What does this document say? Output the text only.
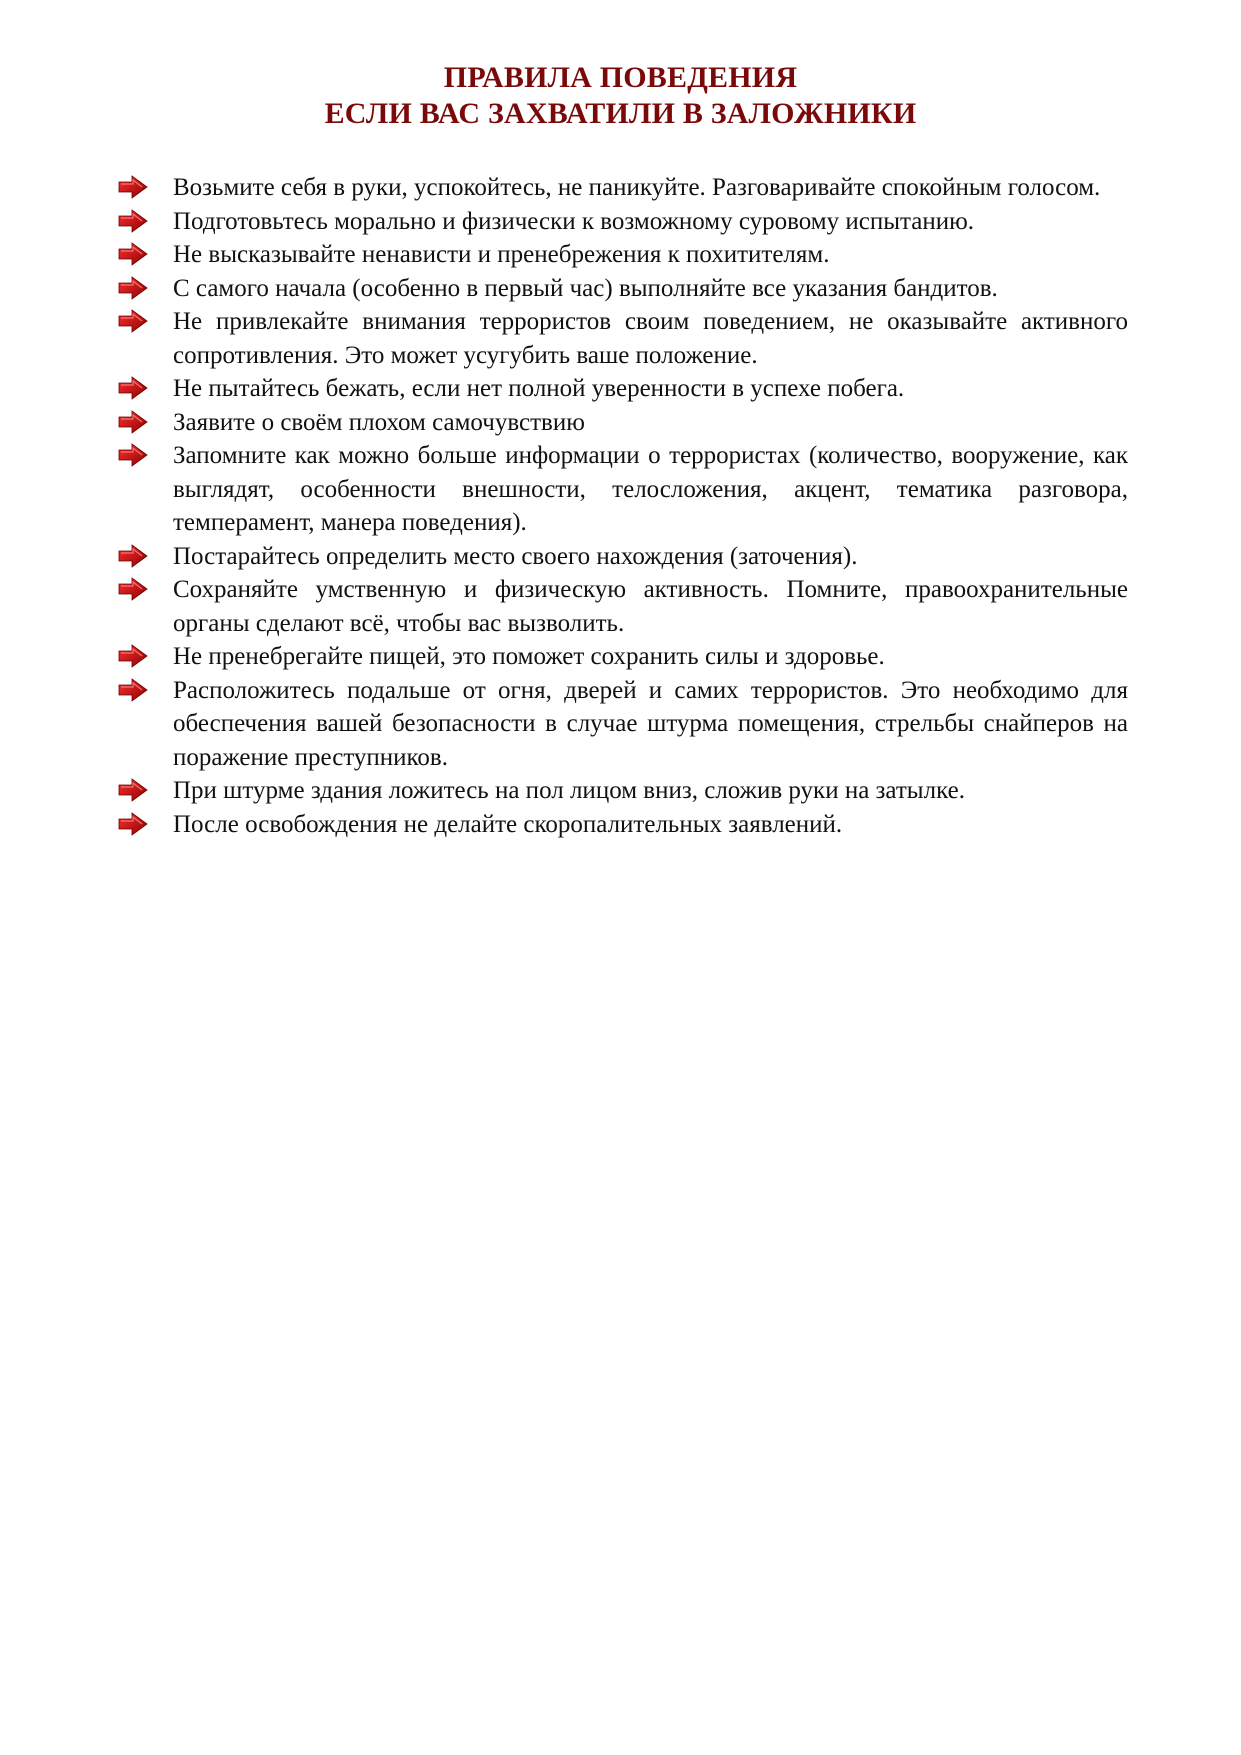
ПРАВИЛА ПОВЕДЕНИЯ
ЕСЛИ ВАС ЗАХВАТИЛИ В ЗАЛОЖНИКИ
Возьмите себя в руки, успокойтесь, не паникуйте. Разговаривайте спокойным голосом.
Подготовьтесь морально и физически к возможному суровому испытанию.
Не высказывайте ненависти и пренебрежения к похитителям.
С самого начала (особенно в первый час) выполняйте все указания бандитов.
Не привлекайте внимания террористов своим поведением, не оказывайте активного сопротивления. Это может усугубить ваше положение.
Не пытайтесь бежать, если нет полной уверенности в успехе побега.
Заявите о своём плохом самочувствию
Запомните как можно больше информации о террористах (количество, вооружение, как выглядят, особенности внешности, телосложения, акцент, тематика разговора, темперамент, манера поведения).
Постарайтесь определить место своего нахождения (заточения).
Сохраняйте умственную и физическую активность. Помните, правоохранительные органы сделают всё, чтобы вас вызволить.
Не пренебрегайте пищей, это поможет сохранить силы и здоровье.
Расположитесь подальше от огня, дверей и самих террористов. Это необходимо для обеспечения вашей безопасности в случае штурма помещения, стрельбы снайперов на поражение преступников.
При штурме здания ложитесь на пол лицом вниз, сложив руки на затылке.
После освобождения не делайте скоропалительных заявлений.
